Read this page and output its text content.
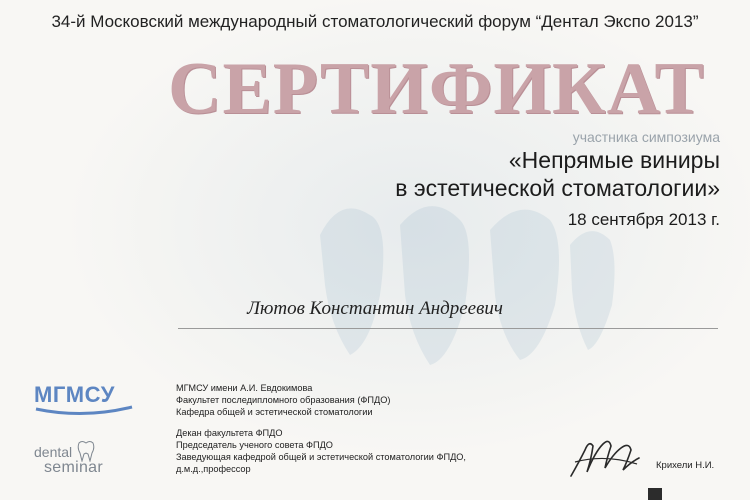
34-й Московский международный стоматологический форум “Дентал Экспо 2013”
СЕРТИФИКАТ
участника симпозиума
«Непрямые виниры
в эстетической стоматологии»
18 сентября 2013 г.
Лютов Константин Андреевич
МГМСУ
dental
seminar
МГМСУ имени А.И. Евдокимова
Факультет последипломного образования (ФПДО)
Кафедра общей и эстетической стоматологии
Декан факультета ФПДО
Председатель ученого совета ФПДО
Заведующая кафедрой общей и эстетической стоматологии ФПДО,
д.м.д.,профессор	Крихели Н.И.
